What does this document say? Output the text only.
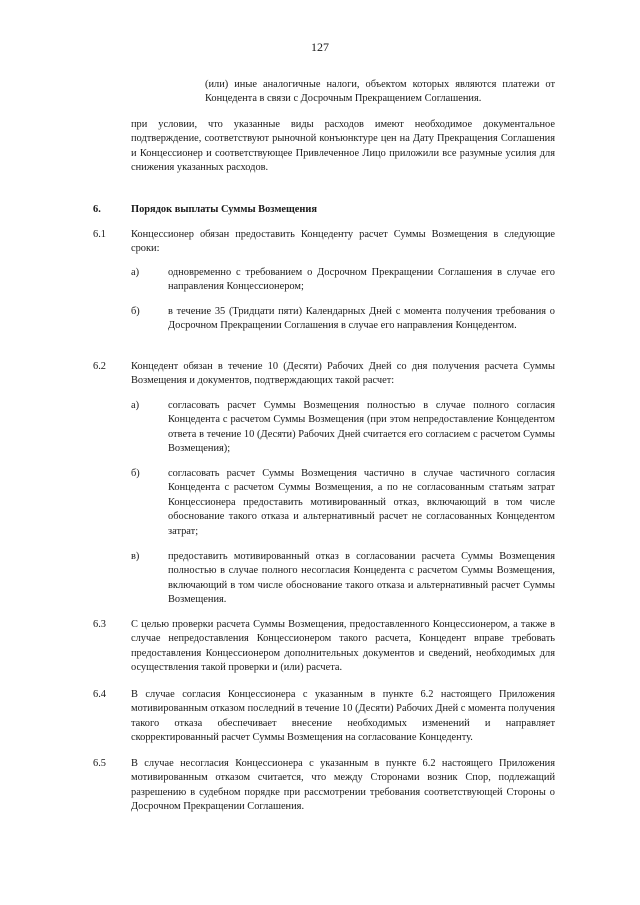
127
(или) иные аналогичные налоги, объектом которых являются платежи от Концедента в связи с Досрочным Прекращением Соглашения.
при условии, что указанные виды расходов имеют необходимое документальное подтверждение, соответствуют рыночной конъюнктуре цен на Дату Прекращения Соглашения и Концессионер и соответствующее Привлеченное Лицо приложили все разумные усилия для снижения указанных расходов.
6.	Порядок выплаты Суммы Возмещения
6.1 Концессионер обязан предоставить Концеденту расчет Суммы Возмещения в следующие сроки:
а)	одновременно с требованием о Досрочном Прекращении Соглашения в случае его направления Концессионером;
б)	в течение 35 (Тридцати пяти) Календарных Дней с момента получения требования о Досрочном Прекращении Соглашения в случае его направления Концедентом.
6.2 Концедент обязан в течение 10 (Десяти) Рабочих Дней со дня получения расчета Суммы Возмещения и документов, подтверждающих такой расчет:
а)	согласовать расчет Суммы Возмещения полностью в случае полного согласия Концедента с расчетом Суммы Возмещения (при этом непредоставление Концедентом ответа в течение 10 (Десяти) Рабочих Дней считается его согласием с расчетом Суммы Возмещения);
б)	согласовать расчет Суммы Возмещения частично в случае частичного согласия Концедента с расчетом Суммы Возмещения, а по не согласованным статьям затрат Концессионера предоставить мотивированный отказ, включающий в том числе обоснование такого отказа и альтернативный расчет не согласованных Концедентом затрат;
в)	предоставить мотивированный отказ в согласовании расчета Суммы Возмещения полностью в случае полного несогласия Концедента с расчетом Суммы Возмещения, включающий в том числе обоснование такого отказа и альтернативный расчет Суммы Возмещения.
6.3 С целью проверки расчета Суммы Возмещения, предоставленного Концессионером, а также в случае непредоставления Концессионером такого расчета, Концедент вправе требовать предоставления Концессионером дополнительных документов и сведений, необходимых для осуществления такой проверки и (или) расчета.
6.4 В случае согласия Концессионера с указанным в пункте 6.2 настоящего Приложения мотивированным отказом последний в течение 10 (Десяти) Рабочих Дней с момента получения такого отказа обеспечивает внесение необходимых изменений и направляет скорректированный расчет Суммы Возмещения на согласование Концеденту.
6.5 В случае несогласия Концессионера с указанным в пункте 6.2 настоящего Приложения мотивированным отказом считается, что между Сторонами возник Спор, подлежащий разрешению в судебном порядке при рассмотрении требования соответствующей Стороны о Досрочном Прекращении Соглашения.
